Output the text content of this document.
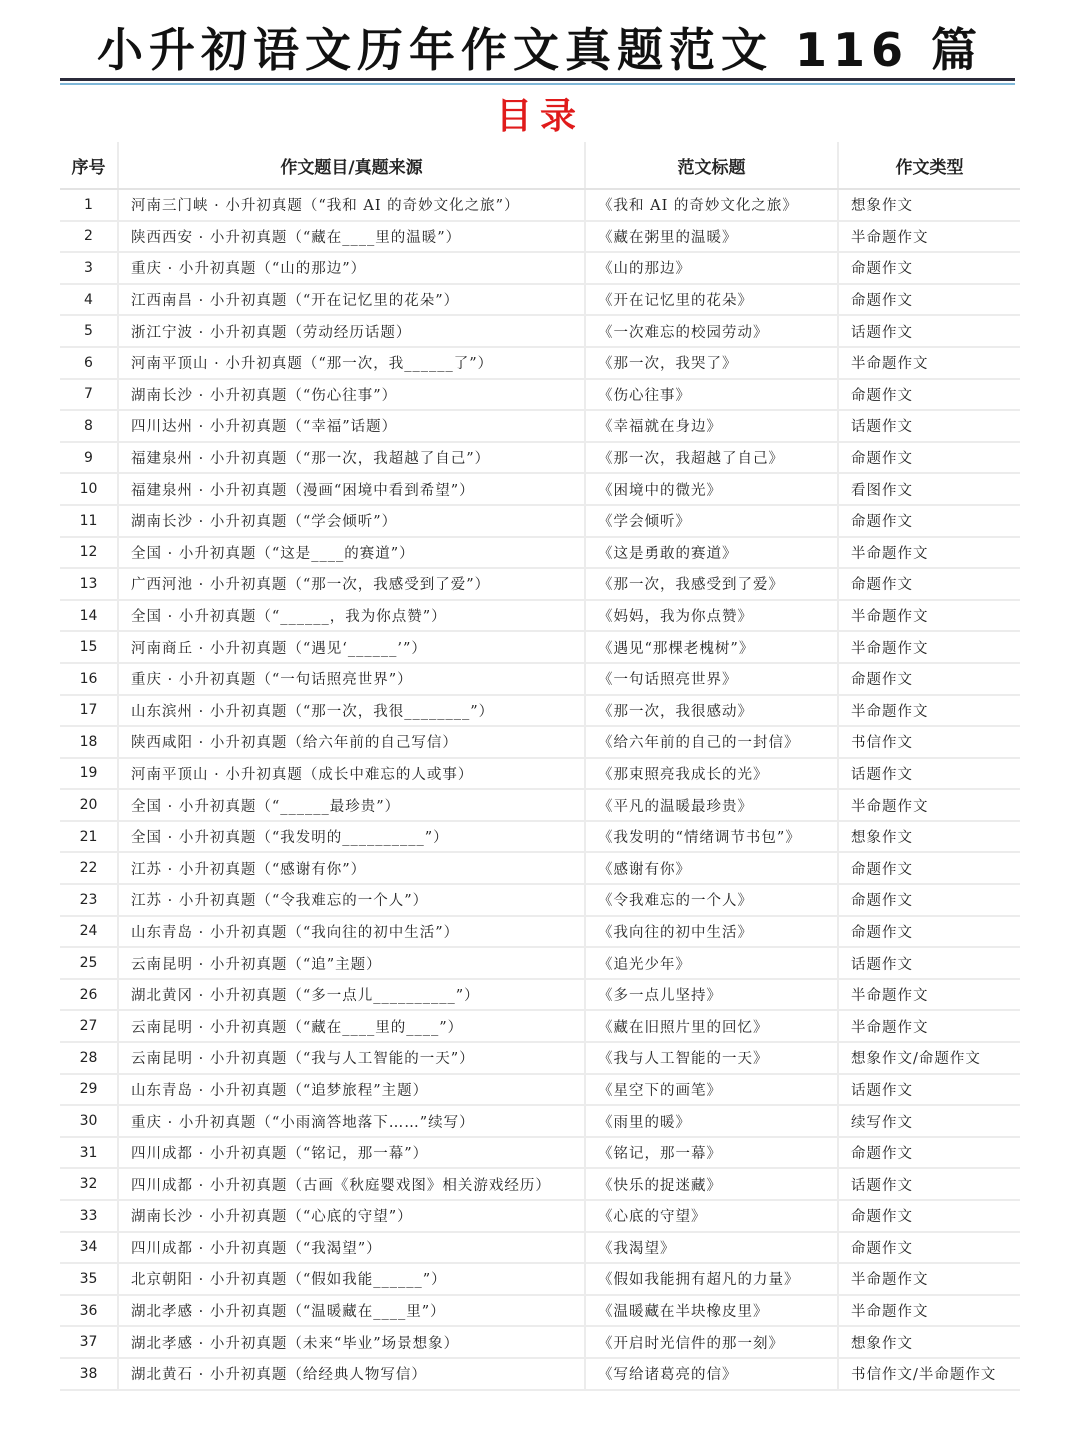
小升初语文历年作文真题范文 116 篇
目录
序号	作文题目/真题来源	范文标题	作文类型
1	河南三门峡 · 小升初真题（“我和 AI 的奇妙文化之旅”）	《我和 AI 的奇妙文化之旅》	想象作文
2	陕西西安 · 小升初真题（“藏在____里的温暖”）	《藏在粥里的温暖》	半命题作文
3	重庆 · 小升初真题（“山的那边”）	《山的那边》	命题作文
4	江西南昌 · 小升初真题（“开在记忆里的花朵”）	《开在记忆里的花朵》	命题作文
5	浙江宁波 · 小升初真题（劳动经历话题）	《一次难忘的校园劳动》	话题作文
6	河南平顶山 · 小升初真题（“那一次，我______了”）	《那一次，我哭了》	半命题作文
7	湖南长沙 · 小升初真题（“伤心往事”）	《伤心往事》	命题作文
8	四川达州 · 小升初真题（“幸福”话题）	《幸福就在身边》	话题作文
9	福建泉州 · 小升初真题（“那一次，我超越了自己”）	《那一次，我超越了自己》	命题作文
10	福建泉州 · 小升初真题（漫画“困境中看到希望”）	《困境中的微光》	看图作文
11	湖南长沙 · 小升初真题（“学会倾听”）	《学会倾听》	命题作文
12	全国 · 小升初真题（“这是____的赛道”）	《这是勇敢的赛道》	半命题作文
13	广西河池 · 小升初真题（“那一次，我感受到了爱”）	《那一次，我感受到了爱》	命题作文
14	全国 · 小升初真题（“______，我为你点赞”）	《妈妈，我为你点赞》	半命题作文
15	河南商丘 · 小升初真题（“遇见‘______’”）	《遇见“那棵老槐树”》	半命题作文
16	重庆 · 小升初真题（“一句话照亮世界”）	《一句话照亮世界》	命题作文
17	山东滨州 · 小升初真题（“那一次，我很________”）	《那一次，我很感动》	半命题作文
18	陕西咸阳 · 小升初真题（给六年前的自己写信）	《给六年前的自己的一封信》	书信作文
19	河南平顶山 · 小升初真题（成长中难忘的人或事）	《那束照亮我成长的光》	话题作文
20	全国 · 小升初真题（“______最珍贵”）	《平凡的温暖最珍贵》	半命题作文
21	全国 · 小升初真题（“我发明的__________”）	《我发明的“情绪调节书包”》	想象作文
22	江苏 · 小升初真题（“感谢有你”）	《感谢有你》	命题作文
23	江苏 · 小升初真题（“令我难忘的一个人”）	《令我难忘的一个人》	命题作文
24	山东青岛 · 小升初真题（“我向往的初中生活”）	《我向往的初中生活》	命题作文
25	云南昆明 · 小升初真题（“追”主题）	《追光少年》	话题作文
26	湖北黄冈 · 小升初真题（“多一点儿__________”）	《多一点儿坚持》	半命题作文
27	云南昆明 · 小升初真题（“藏在____里的____”）	《藏在旧照片里的回忆》	半命题作文
28	云南昆明 · 小升初真题（“我与人工智能的一天”）	《我与人工智能的一天》	想象作文/命题作文
29	山东青岛 · 小升初真题（“追梦旅程”主题）	《星空下的画笔》	话题作文
30	重庆 · 小升初真题（“小雨滴答地落下……”续写）	《雨里的暖》	续写作文
31	四川成都 · 小升初真题（“铭记，那一幕”）	《铭记，那一幕》	命题作文
32	四川成都 · 小升初真题（古画《秋庭婴戏图》相关游戏经历）	《快乐的捉迷藏》	话题作文
33	湖南长沙 · 小升初真题（“心底的守望”）	《心底的守望》	命题作文
34	四川成都 · 小升初真题（“我渴望”）	《我渴望》	命题作文
35	北京朝阳 · 小升初真题（“假如我能______”）	《假如我能拥有超凡的力量》	半命题作文
36	湖北孝感 · 小升初真题（“温暖藏在____里”）	《温暖藏在半块橡皮里》	半命题作文
37	湖北孝感 · 小升初真题（未来“毕业”场景想象）	《开启时光信件的那一刻》	想象作文
38	湖北黄石 · 小升初真题（给经典人物写信）	《写给诸葛亮的信》	书信作文/半命题作文
